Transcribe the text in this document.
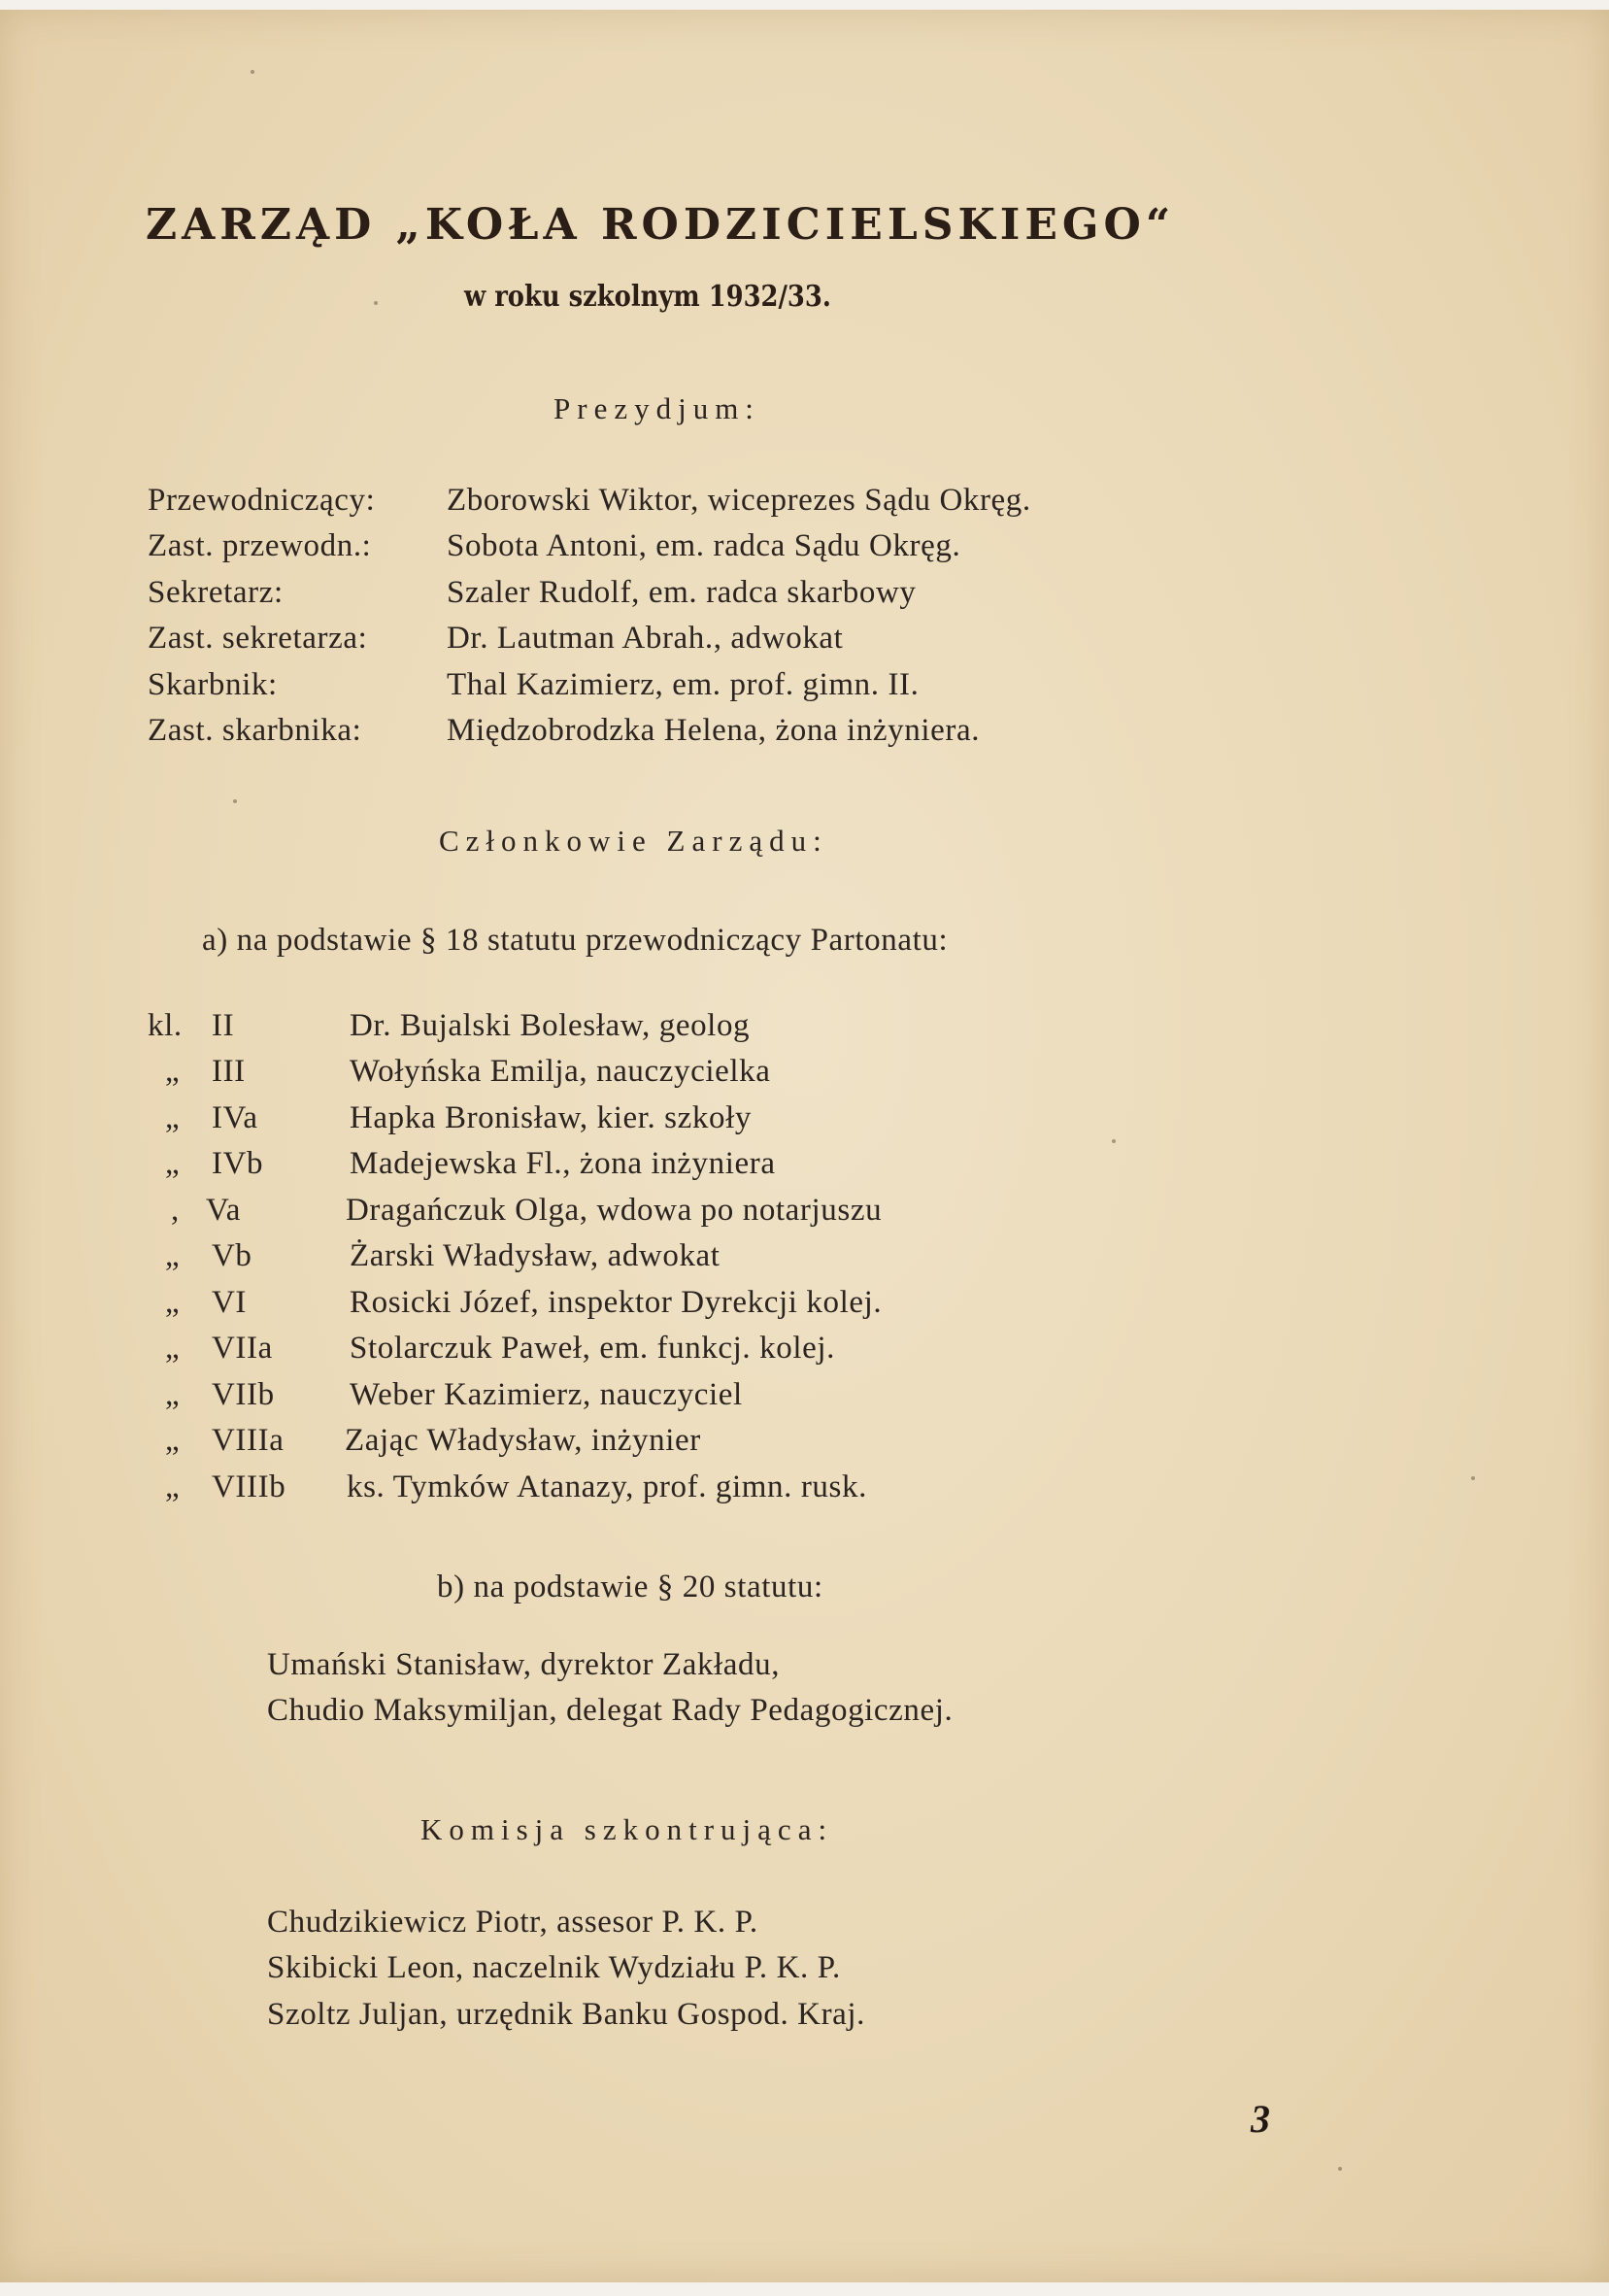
ZARZĄD „KOŁA RODZICIELSKIEGO“
w roku szkolnym 1932/33.
Prezydjum:
Przewodniczący: Zborowski Wiktor, wiceprezes Sądu Okręg.
Zast. przewodn.: Sobota Antoni, em. radca Sądu Okręg.
Sekretarz:	Szaler Rudolf, em. radca skarbowy
Zast. sekretarza: Dr. Lautman Abrah., adwokat
Skarbnik:	Thal Kazimierz, em. prof. gimn. II.
Zast. skarbnika:	Międzobrodzka Helena, żona inżyniera.
Członkowie Zarządu:
a) na podstawie § 18 statutu przewodniczący Partonatu:
kl. II	Dr. Bujalski Bolesław, geolog
„ III	Wołyńska Emilja, nauczycielka
„ IVa	Hapka Bronisław, kier. szkoły
„ IVb	Madejewska Fl., żona inżyniera
, Va	Dragańczuk Olga, wdowa po notarjuszu
„ Vb	Żarski Władysław, adwokat
„ VI	Rosicki Józef, inspektor Dyrekcji kolej.
„ VIIa Stolarczuk Paweł, em. funkcj. kolej.
„ VIIb Weber Kazimierz, nauczyciel
„ VIIIa Zając Władysław, inżynier
„ VIIIb ks. Tymków Atanazy, prof. gimn. rusk.
b) na podstawie § 20 statutu:
Umański Stanisław, dyrektor Zakładu,
Chudio Maksymiljan, delegat Rady Pedagogicznej.
Komisja szkontrująca:
Chudzikiewicz Piotr, assesor P. K. P.
Skibicki Leon, naczelnik Wydziału P. K. P.
Szoltz Juljan, urzędnik Banku Gospod. Kraj.
3
